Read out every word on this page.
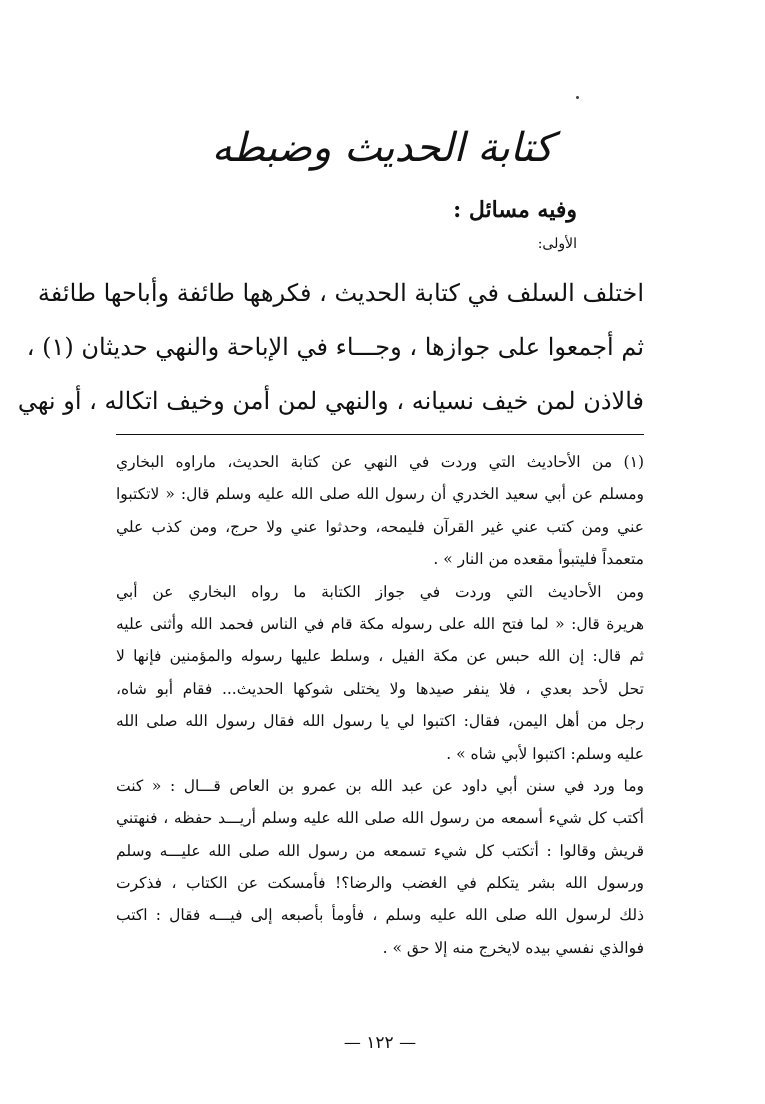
كتابة الحديث وضبطه
وفيه مسائل :
الأولى:
اختلف السلف في كتابة الحديث ، فكرهها طائفة وأباحها طائفة
ثم أجمعوا على جوازها ، وجـــاء في الإباحة والنهي حديثان (١) ،
فالاذن لمن خيف نسيانه ، والنهي لمن أمن وخيف اتكاله ، أو نهي
(١) من الأحاديث التي وردت في النهي عن كتابة الحديث، ماراوه البخاري
ومسلم عن أبي سعيد الخدري أن رسول الله صلى الله عليه وسلم قال: « لاتكتبوا
عني ومن كتب عني غير القرآن فليمحه، وحدثوا عني ولا حرج، ومن كذب علي
متعمداً فليتبوأ مقعده من النار » .
ومن الأحاديث التي وردت في جواز الكتابة ما رواه البخاري عن أبي
هريرة قال: « لما فتح الله على رسوله مكة قام في الناس فحمد الله وأثنى عليه
ثم قال: إن الله حبس عن مكة الفيل ، وسلط عليها رسوله والمؤمنين فإنها لا
تحل لأحد بعدي ، فلا ينفر صيدها ولا يختلى شوكها الحديث... فقام أبو شاه،
رجل من أهل اليمن، فقال: اكتبوا لي يا رسول الله فقال رسول الله صلى الله
عليه وسلم: اكتبوا لأبي شاه » .
وما ورد في سنن أبي داود عن عبد الله بن عمرو بن العاص قـــال : « كنت
أكتب كل شيء أسمعه من رسول الله صلى الله عليه وسلم أريـــد حفظه ، فنهتني
قريش وقالوا : أتكتب كل شيء تسمعه من رسول الله صلى الله عليـــه وسلم
ورسول الله بشر يتكلم في الغضب والرضا؟! فأمسكت عن الكتاب ، فذكرت
ذلك لرسول الله صلى الله عليه وسلم ، فأومأ بأصبعه إلى فيـــه فقال : اكتب
فوالذي نفسي بيده لايخرج منه إلا حق » .
— ١٢٢ —
